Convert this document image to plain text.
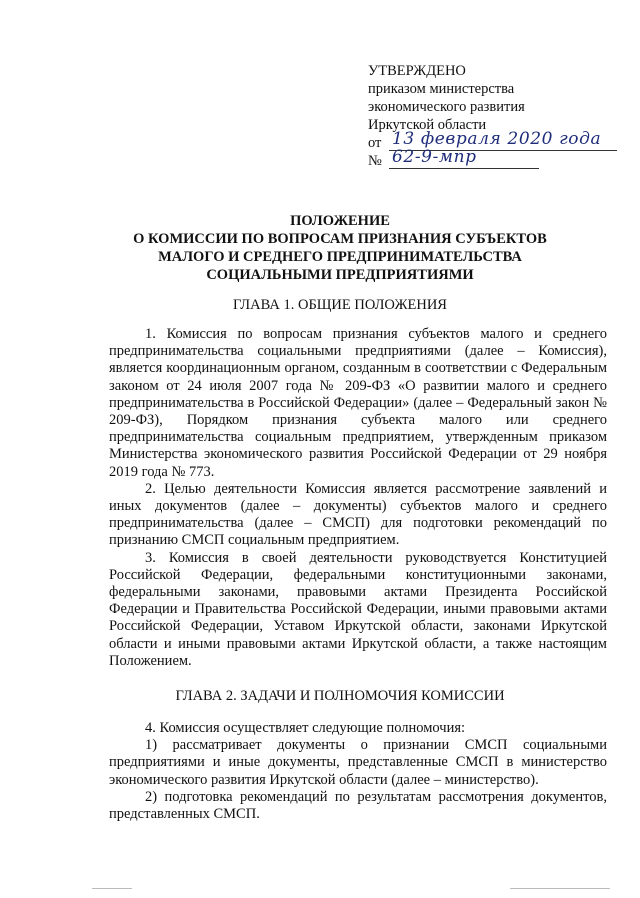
УТВЕРЖДЕНО
приказом министерства
экономического развития
Иркутской области
от 13 февраля 2020 года
№ 62-9-мпр
ПОЛОЖЕНИЕ
О КОМИССИИ ПО ВОПРОСАМ ПРИЗНАНИЯ СУБЪЕКТОВ
МАЛОГО И СРЕДНЕГО ПРЕДПРИНИМАТЕЛЬСТВА
СОЦИАЛЬНЫМИ ПРЕДПРИЯТИЯМИ
ГЛАВА 1. ОБЩИЕ ПОЛОЖЕНИЯ

1. Комиссия по вопросам признания субъектов малого и среднего предпринимательства социальными предприятиями (далее – Комиссия), является координационным органом, созданным в соответствии с Федеральным законом от 24 июля 2007 года № 209-ФЗ «О развитии малого и среднего предпринимательства в Российской Федерации» (далее – Федеральный закон № 209-ФЗ), Порядком признания субъекта малого или среднего предпринимательства социальным предприятием, утвержденным приказом Министерства экономического развития Российской Федерации от 29 ноября 2019 года № 773.

2. Целью деятельности Комиссия является рассмотрение заявлений и иных документов (далее – документы) субъектов малого и среднего предпринимательства (далее – СМСП) для подготовки рекомендаций по признанию СМСП социальным предприятием.

3. Комиссия в своей деятельности руководствуется Конституцией Российской Федерации, федеральными конституционными законами, федеральными законами, правовыми актами Президента Российской Федерации и Правительства Российской Федерации, иными правовыми актами Российской Федерации, Уставом Иркутской области, законами Иркутской области и иными правовыми актами Иркутской области, а также настоящим Положением.

ГЛАВА 2. ЗАДАЧИ И ПОЛНОМОЧИЯ КОМИССИИ

4. Комиссия осуществляет следующие полномочия:

1) рассматривает документы о признании СМСП социальными предприятиями и иные документы, представленные СМСП в министерство экономического развития Иркутской области (далее – министерство).

2) подготовка рекомендаций по результатам рассмотрения документов, представленных СМСП.
